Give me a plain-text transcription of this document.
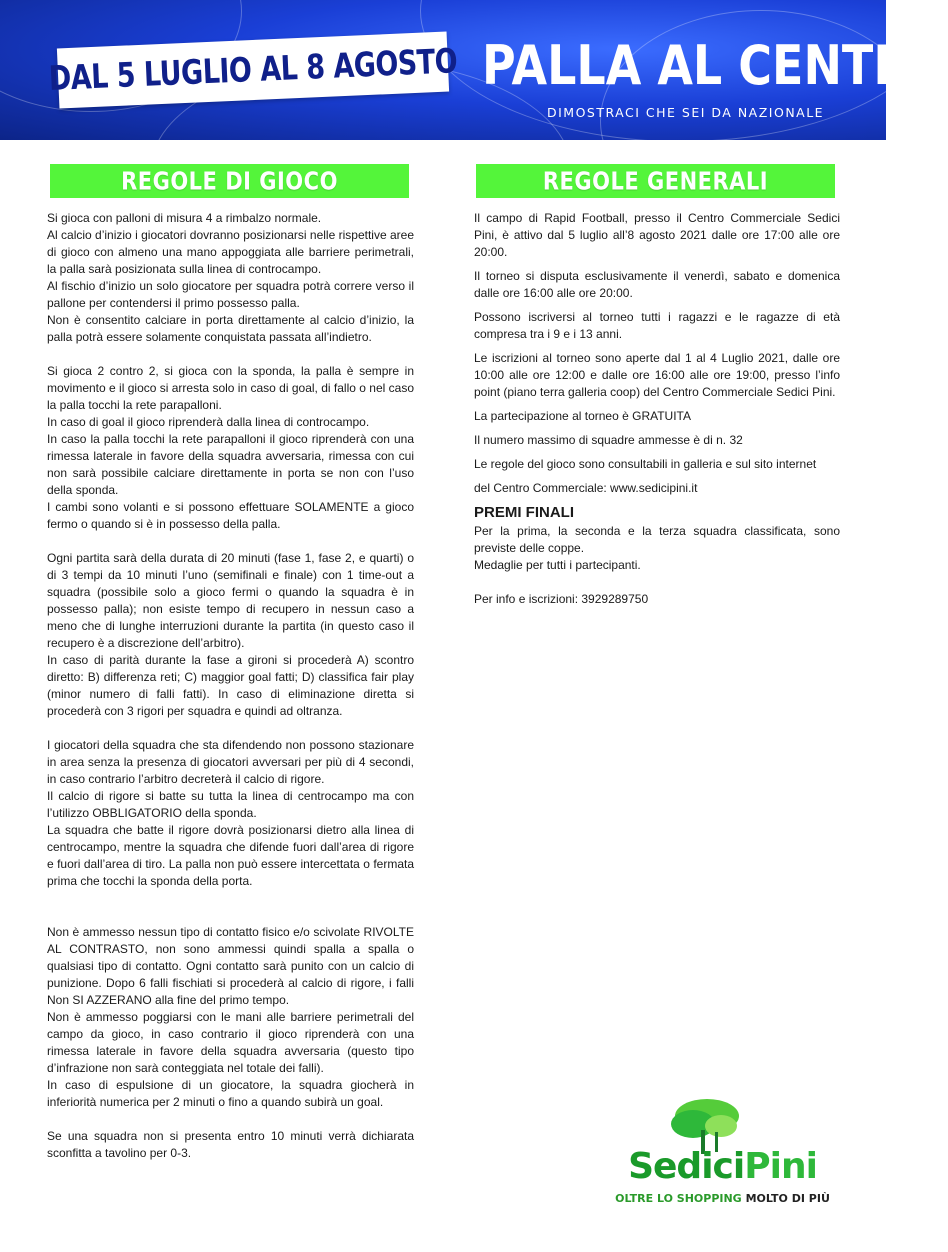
DAL 5 LUGLIO AL 8 AGOSTO PALLA AL CENTRO
DIMOSTRACI CHE SEI DA NAZIONALE
REGOLE DI GIOCO	REGOLE GENERALI

Si gioca con palloni di misura 4 a rimbalzo normale.

Al calcio d’inizio i giocatori dovranno posizionarsi nelle rispettive aree di gioco con almeno una mano appoggiata alle barriere perimetrali, la palla sarà posizionata sulla linea di controcampo.

Al fischio d’inizio un solo giocatore per squadra potrà correre verso il pallone per contendersi il primo possesso palla.

Non è consentito calciare in porta direttamente al calcio d’inizio, la palla potrà essere solamente conquistata passata all’indietro.

Si gioca 2 contro 2, si gioca con la sponda, la palla è sempre in movimento e il gioco si arresta solo in caso di goal, di fallo o nel caso la palla tocchi la rete parapalloni.

In caso di goal il gioco riprenderà dalla linea di controcampo.

In caso la palla tocchi la rete parapalloni il gioco riprenderà con una rimessa laterale in favore della squadra avversaria, rimessa con cui non sarà possibile calciare direttamente in porta se non con l’uso della sponda.

I cambi sono volanti e si possono effettuare SOLAMENTE a gioco fermo o quando si è in possesso della palla.

Ogni partita sarà della durata di 20 minuti (fase 1, fase 2, e quarti) o di 3 tempi da 10 minuti l’uno (semifinali e finale) con 1 time-out a squadra (possibile solo a gioco fermi o quando la squadra è in possesso palla); non esiste tempo di recupero in nessun caso a meno che di lunghe interruzioni durante la partita (in questo caso il recupero è a discrezione dell’arbitro).

In caso di parità durante la fase a gironi si procederà A) scontro diretto: B) differenza reti; C) maggior goal fatti; D) classifica fair play (minor numero di falli fatti). In caso di eliminazione diretta si procederà con 3 rigori per squadra e quindi ad oltranza.

I giocatori della squadra che sta difendendo non possono stazionare in area senza la presenza di giocatori avversari per più di 4 secondi, in caso contrario l’arbitro decreterà il calcio di rigore.

Il calcio di rigore si batte su tutta la linea di centrocampo ma con l’utilizzo OBBLIGATORIO della sponda.

La squadra che batte il rigore dovrà posizionarsi dietro alla linea di centrocampo, mentre la squadra che difende fuori dall’area di rigore e fuori dall’area di tiro. La palla non può essere intercettata o fermata prima che tocchi la sponda della porta.

Non è ammesso nessun tipo di contatto fisico e/o scivolate RIVOLTE AL CONTRASTO, non sono ammessi quindi spalla a spalla o qualsiasi tipo di contatto. Ogni contatto sarà punito con un calcio di punizione. Dopo 6 falli fischiati si procederà al calcio di rigore, i falli Non SI AZZERANO alla fine del primo tempo.

Non è ammesso poggiarsi con le mani alle barriere perimetrali del campo da gioco, in caso contrario il gioco riprenderà con una rimessa laterale in favore della squadra avversaria (questo tipo d’infrazione non sarà conteggiata nel totale dei falli).

In caso di espulsione di un giocatore, la squadra giocherà in inferiorità numerica per 2 minuti o fino a quando subirà un goal.

Se una squadra non si presenta entro 10 minuti verrà dichiarata sconfitta a tavolino per 0-3.

Il campo di Rapid Football, presso il Centro Commerciale Sedici Pini, è attivo dal 5 luglio all’8 agosto 2021 dalle ore 17:00 alle ore 20:00.

Il torneo si disputa esclusivamente il venerdì, sabato e domenica dalle ore 16:00 alle ore 20:00.

Possono iscriversi al torneo tutti i ragazzi e le ragazze di età compresa tra i 9 e i 13 anni.

Le iscrizioni al torneo sono aperte dal 1 al 4 Luglio 2021, dalle ore 10:00 alle ore 12:00 e dalle ore 16:00 alle ore 19:00, presso l’info point (piano terra galleria coop) del Centro Commerciale Sedici Pini.

La partecipazione al torneo è GRATUITA

Il numero massimo di squadre ammesse è di n. 32

Le regole del gioco sono consultabili in galleria e sul sito internet

del Centro Commerciale: www.sedicipini.it

PREMI FINALI

Per la prima, la seconda e la terza squadra classificata, sono previste delle coppe.

Medaglie per tutti i partecipanti.

Per info e iscrizioni: 3929289750

SediciPini
OLTRE LO SHOPPING MOLTO DI PIÙ
